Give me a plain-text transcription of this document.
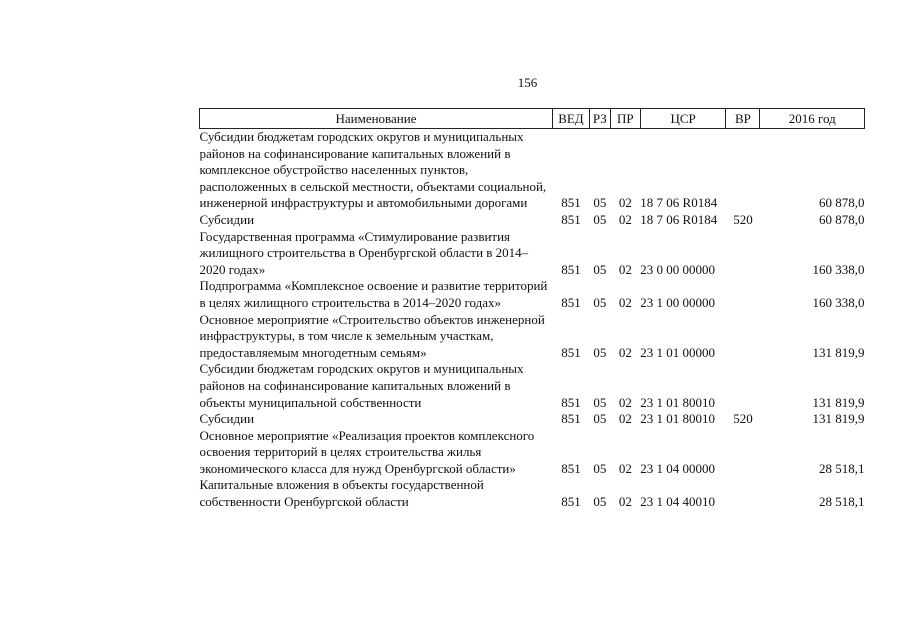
156
Наименование	ВЕД	РЗ	ПР	ЦСР	ВР	2016 год

Субсидии бюджетам городских округов и муниципальных
районов на софинансирование капитальных вложений в
комплексное обустройство населенных пунктов,
расположенных в сельской местности, объектами социальной,
инженерной инфраструктуры и автомобильными дорогами	851	05	02	18 7 06 R0184		60 878,0

Субсидии	851	05	02	18 7 06 R0184	520	60 878,0

Государственная программа «Стимулирование развития
жилищного строительства в Оренбургской области в 2014–
2020 годах»	851	05	02	23 0 00 00000		160 338,0

Подпрограмма «Комплексное освоение и развитие территорий
в целях жилищного строительства в 2014–2020 годах»	851	05	02	23 1 00 00000		160 338,0

Основное мероприятие «Строительство объектов инженерной
инфраструктуры, в том числе к земельным участкам,
предоставляемым многодетным семьям»	851	05	02	23 1 01 00000		131 819,9

Субсидии бюджетам городских округов и муниципальных
районов на софинансирование капитальных вложений в
объекты муниципальной собственности	851	05	02	23 1 01 80010		131 819,9

Субсидии	851	05	02	23 1 01 80010	520	131 819,9

Основное мероприятие «Реализация проектов комплексного
освоения территорий в целях строительства жилья
экономического класса для нужд Оренбургской области»	851	05	02	23 1 04 00000		28 518,1

Капитальные вложения в объекты государственной
собственности Оренбургской области	851	05	02	23 1 04 40010		28 518,1
